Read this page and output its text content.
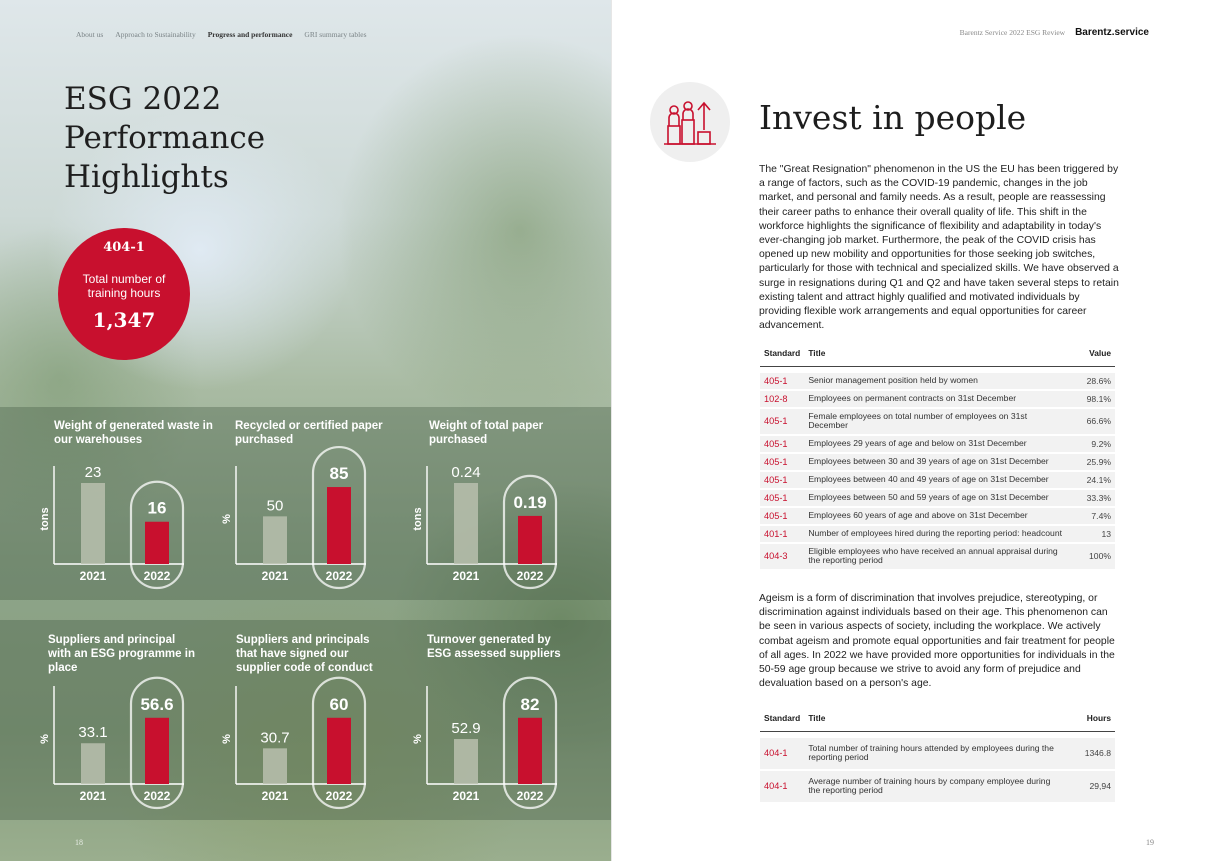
About us Approach to Sustainability Progress and performance GRI summary tables
ESG 2022
Performance
Highlights
404-1
Total number of training hours
1,347
Weight of generated waste in our warehouses
Recycled or certified paper purchased
Weight of total paper purchased
Suppliers and principal with an ESG programme in place
Suppliers and principals that have signed our supplier code of conduct
Turnover generated by ESG assessed suppliers
tons
23
16
2021	2022
%
50
85
2021	2022
tons
0.24
0.19
2021	2022
% 33.1
56.6
2021	2022
% 30.7
60
2021	2022
%
52.9
82
2021	2022
18
Barentz Service 2022 ESG Review Barentz.service
Invest in people
The "Great Resignation" phenomenon in the US the EU has been triggered by a range of factors, such as the COVID-19 pandemic, changes in the job market, and personal and family needs. As a result, people are reassessing their career paths to enhance their overall quality of life. This shift in the workforce highlights the significance of flexibility and adaptability in today's ever-changing job market. Furthermore, the peak of the COVID crisis has opened up new mobility and opportunities for those seeking job switches, particularly for those with technical and specialized skills. We have observed a surge in resignations during Q1 and Q2 and have taken several steps to retain existing talent and attract highly qualified and motivated individuals by providing flexible work arrangements and equal opportunities for career advancement.
Standard	Title	Value

405-1	Senior management position held by women	28.6%
102-8	Employees on permanent contracts on 31st December	98.1%
405-1	Female employees on total number of employees on 31st December	66.6%
405-1	Employees 29 years of age and below on 31st December	9.2%
405-1	Employees between 30 and 39 years of age on 31st December	25.9%
405-1	Employees between 40 and 49 years of age on 31st December	24.1%
405-1	Employees between 50 and 59 years of age on 31st December	33.3%
405-1	Employees 60 years of age and above on 31st December	7.4%
401-1	Number of employees hired during the reporting period: headcount	13
404-3	Eligible employees who have received an annual appraisal during the reporting period	100%
Ageism is a form of discrimination that involves prejudice, stereotyping, or discrimination against individuals based on their age. This phenomenon can be seen in various aspects of society, including the workplace. We actively combat ageism and promote equal opportunities and fair treatment for people of all ages. In 2022 we have provided more opportunities for individuals in the 50-59 age group because we strive to avoid any form of prejudice and devaluation based on a person's age.
Standard	Title	Hours

404-1	Total number of training hours attended by employees during the reporting period	1346.8
404-1	Average number of training hours by company employee during the reporting period	29,94
19
